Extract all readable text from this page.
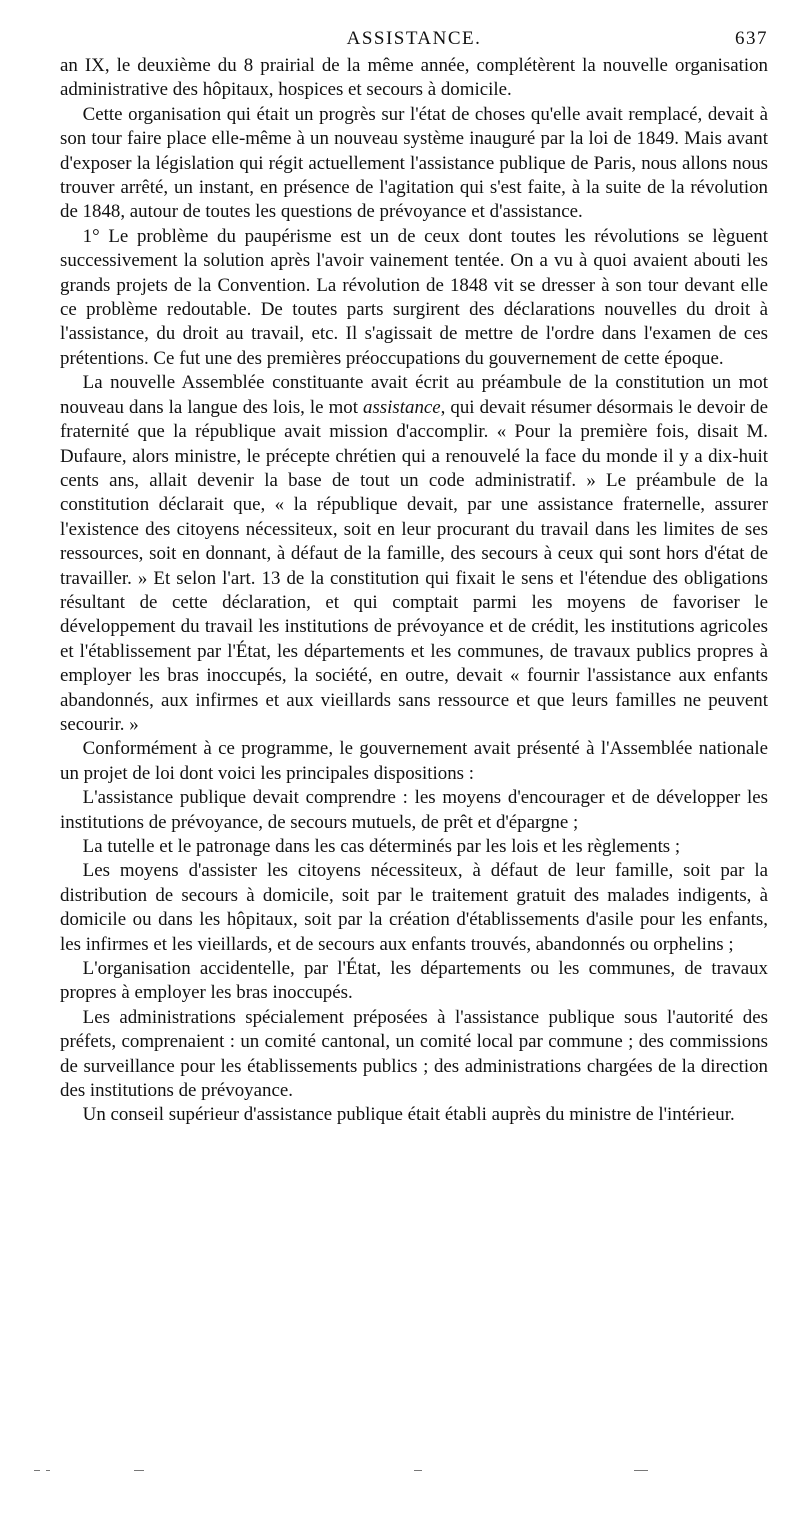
ASSISTANCE.	637

an IX, le deuxième du 8 prairial de la même année, complétèrent la nouvelle organisation administrative des hôpitaux, hospices et secours à domicile.

Cette organisation qui était un progrès sur l'état de choses qu'elle avait remplacé, devait à son tour faire place elle-même à un nouveau système inauguré par la loi de 1849. Mais avant d'exposer la législation qui régit actuellement l'assistance publique de Paris, nous allons nous trouver arrêté, un instant, en présence de l'agitation qui s'est faite, à la suite de la révolution de 1848, autour de toutes les questions de prévoyance et d'assistance.

1° Le problème du paupérisme est un de ceux dont toutes les révolutions se lèguent successivement la solution après l'avoir vainement tentée. On a vu à quoi avaient abouti les grands projets de la Convention. La révolution de 1848 vit se dresser à son tour devant elle ce problème redoutable. De toutes parts surgirent des déclarations nouvelles du droit à l'assistance, du droit au travail, etc. Il s'agissait de mettre de l'ordre dans l'examen de ces prétentions. Ce fut une des premières préoccupations du gouvernement de cette époque.

La nouvelle Assemblée constituante avait écrit au préambule de la constitution un mot nouveau dans la langue des lois, le mot assistance, qui devait résumer désormais le devoir de fraternité que la république avait mission d'accomplir. « Pour la première fois, disait M. Dufaure, alors ministre, le précepte chrétien qui a renouvelé la face du monde il y a dix-huit cents ans, allait devenir la base de tout un code administratif. » Le préambule de la constitution déclarait que, « la république devait, par une assistance fraternelle, assurer l'existence des citoyens nécessiteux, soit en leur procurant du travail dans les limites de ses ressources, soit en donnant, à défaut de la famille, des secours à ceux qui sont hors d'état de travailler. » Et selon l'art. 13 de la constitution qui fixait le sens et l'étendue des obligations résultant de cette déclaration, et qui comptait parmi les moyens de favoriser le développement du travail les institutions de prévoyance et de crédit, les institutions agricoles et l'établissement par l'État, les départements et les communes, de travaux publics propres à employer les bras inoccupés, la société, en outre, devait « fournir l'assistance aux enfants abandonnés, aux infirmes et aux vieillards sans ressource et que leurs familles ne peuvent secourir. »

Conformément à ce programme, le gouvernement avait présenté à l'Assemblée nationale un projet de loi dont voici les principales dispositions :

L'assistance publique devait comprendre : les moyens d'encourager et de développer les institutions de prévoyance, de secours mutuels, de prêt et d'épargne ;

La tutelle et le patronage dans les cas déterminés par les lois et les règlements ;

Les moyens d'assister les citoyens nécessiteux, à défaut de leur famille, soit par la distribution de secours à domicile, soit par le traitement gratuit des malades indigents, à domicile ou dans les hôpitaux, soit par la création d'établissements d'asile pour les enfants, les infirmes et les vieillards, et de secours aux enfants trouvés, abandonnés ou orphelins ;

L'organisation accidentelle, par l'État, les départements ou les communes, de travaux propres à employer les bras inoccupés.

Les administrations spécialement préposées à l'assistance publique sous l'autorité des préfets, comprenaient : un comité cantonal, un comité local par commune ; des commissions de surveillance pour les établissements publics ; des administrations chargées de la direction des institutions de prévoyance.

Un conseil supérieur d'assistance publique était établi auprès du ministre de l'intérieur.
